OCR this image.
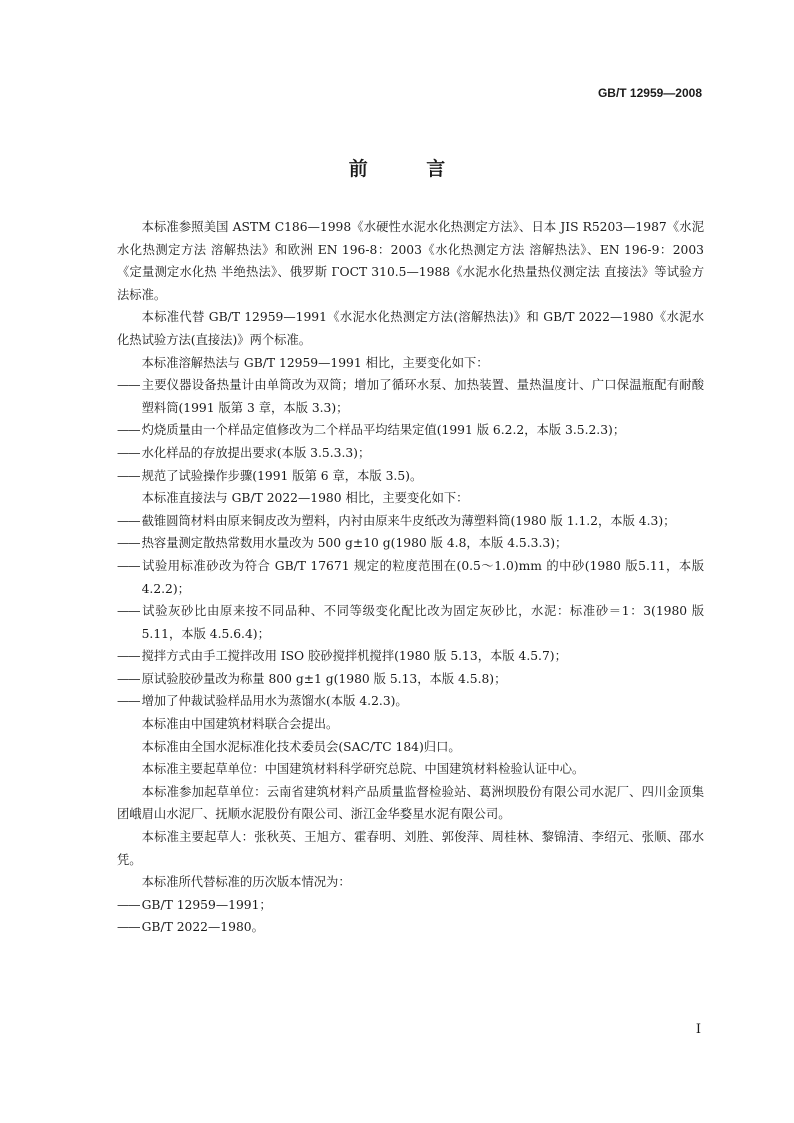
GB/T 12959—2008
前 言

本标准参照美国 ASTM C186—1998《水硬性水泥水化热测定方法》、日本 JIS R5203—1987《水泥水化热测定方法 溶解热法》和欧洲 EN 196-8：2003《水化热测定方法 溶解热法》、EN 196-9：2003《定量测定水化热 半绝热法》、俄罗斯 ГОСТ 310.5—1988《水泥水化热量热仪测定法 直接法》等试验方法标准。

本标准代替 GB/T 12959—1991《水泥水化热测定方法(溶解热法)》和 GB/T 2022—1980《水泥水化热试验方法(直接法)》两个标准。

本标准溶解热法与 GB/T 12959—1991 相比，主要变化如下：

—— 主要仪器设备热量计由单筒改为双筒；增加了循环水泵、加热装置、量热温度计、广口保温瓶配有耐酸塑料筒(1991 版第 3 章，本版 3.3)；

—— 灼烧质量由一个样品定值修改为二个样品平均结果定值(1991 版 6.2.2，本版 3.5.2.3)；

—— 水化样品的存放提出要求(本版 3.5.3.3)；

—— 规范了试验操作步骤(1991 版第 6 章，本版 3.5)。

本标准直接法与 GB/T 2022—1980 相比，主要变化如下：

—— 截锥圆筒材料由原来铜皮改为塑料，内衬由原来牛皮纸改为薄塑料筒(1980 版 1.1.2，本版 4.3)；

—— 热容量测定散热常数用水量改为 500 g±10 g(1980 版 4.8，本版 4.5.3.3)；

—— 试验用标准砂改为符合 GB/T 17671 规定的粒度范围在(0.5～1.0)mm 的中砂(1980 版5.11，本版 4.2.2)；

—— 试验灰砂比由原来按不同品种、不同等级变化配比改为固定灰砂比，水泥：标准砂＝1：3(1980 版 5.11，本版 4.5.6.4)；

—— 搅拌方式由手工搅拌改用 ISO 胶砂搅拌机搅拌(1980 版 5.13，本版 4.5.7)；

—— 原试验胶砂量改为称量 800 g±1 g(1980 版 5.13，本版 4.5.8)；

—— 增加了仲裁试验样品用水为蒸馏水(本版 4.2.3)。

本标准由中国建筑材料联合会提出。

本标准由全国水泥标准化技术委员会(SAC/TC 184)归口。

本标准主要起草单位：中国建筑材料科学研究总院、中国建筑材料检验认证中心。

本标准参加起草单位：云南省建筑材料产品质量监督检验站、葛洲坝股份有限公司水泥厂、四川金顶集团峨眉山水泥厂、抚顺水泥股份有限公司、浙江金华婺星水泥有限公司。

本标准主要起草人：张秋英、王旭方、霍春明、刘胜、郭俊萍、周桂林、黎锦清、李绍元、张顺、邵水凭。

本标准所代替标准的历次版本情况为：

—— GB/T 12959—1991；

—— GB/T 2022—1980。

I
